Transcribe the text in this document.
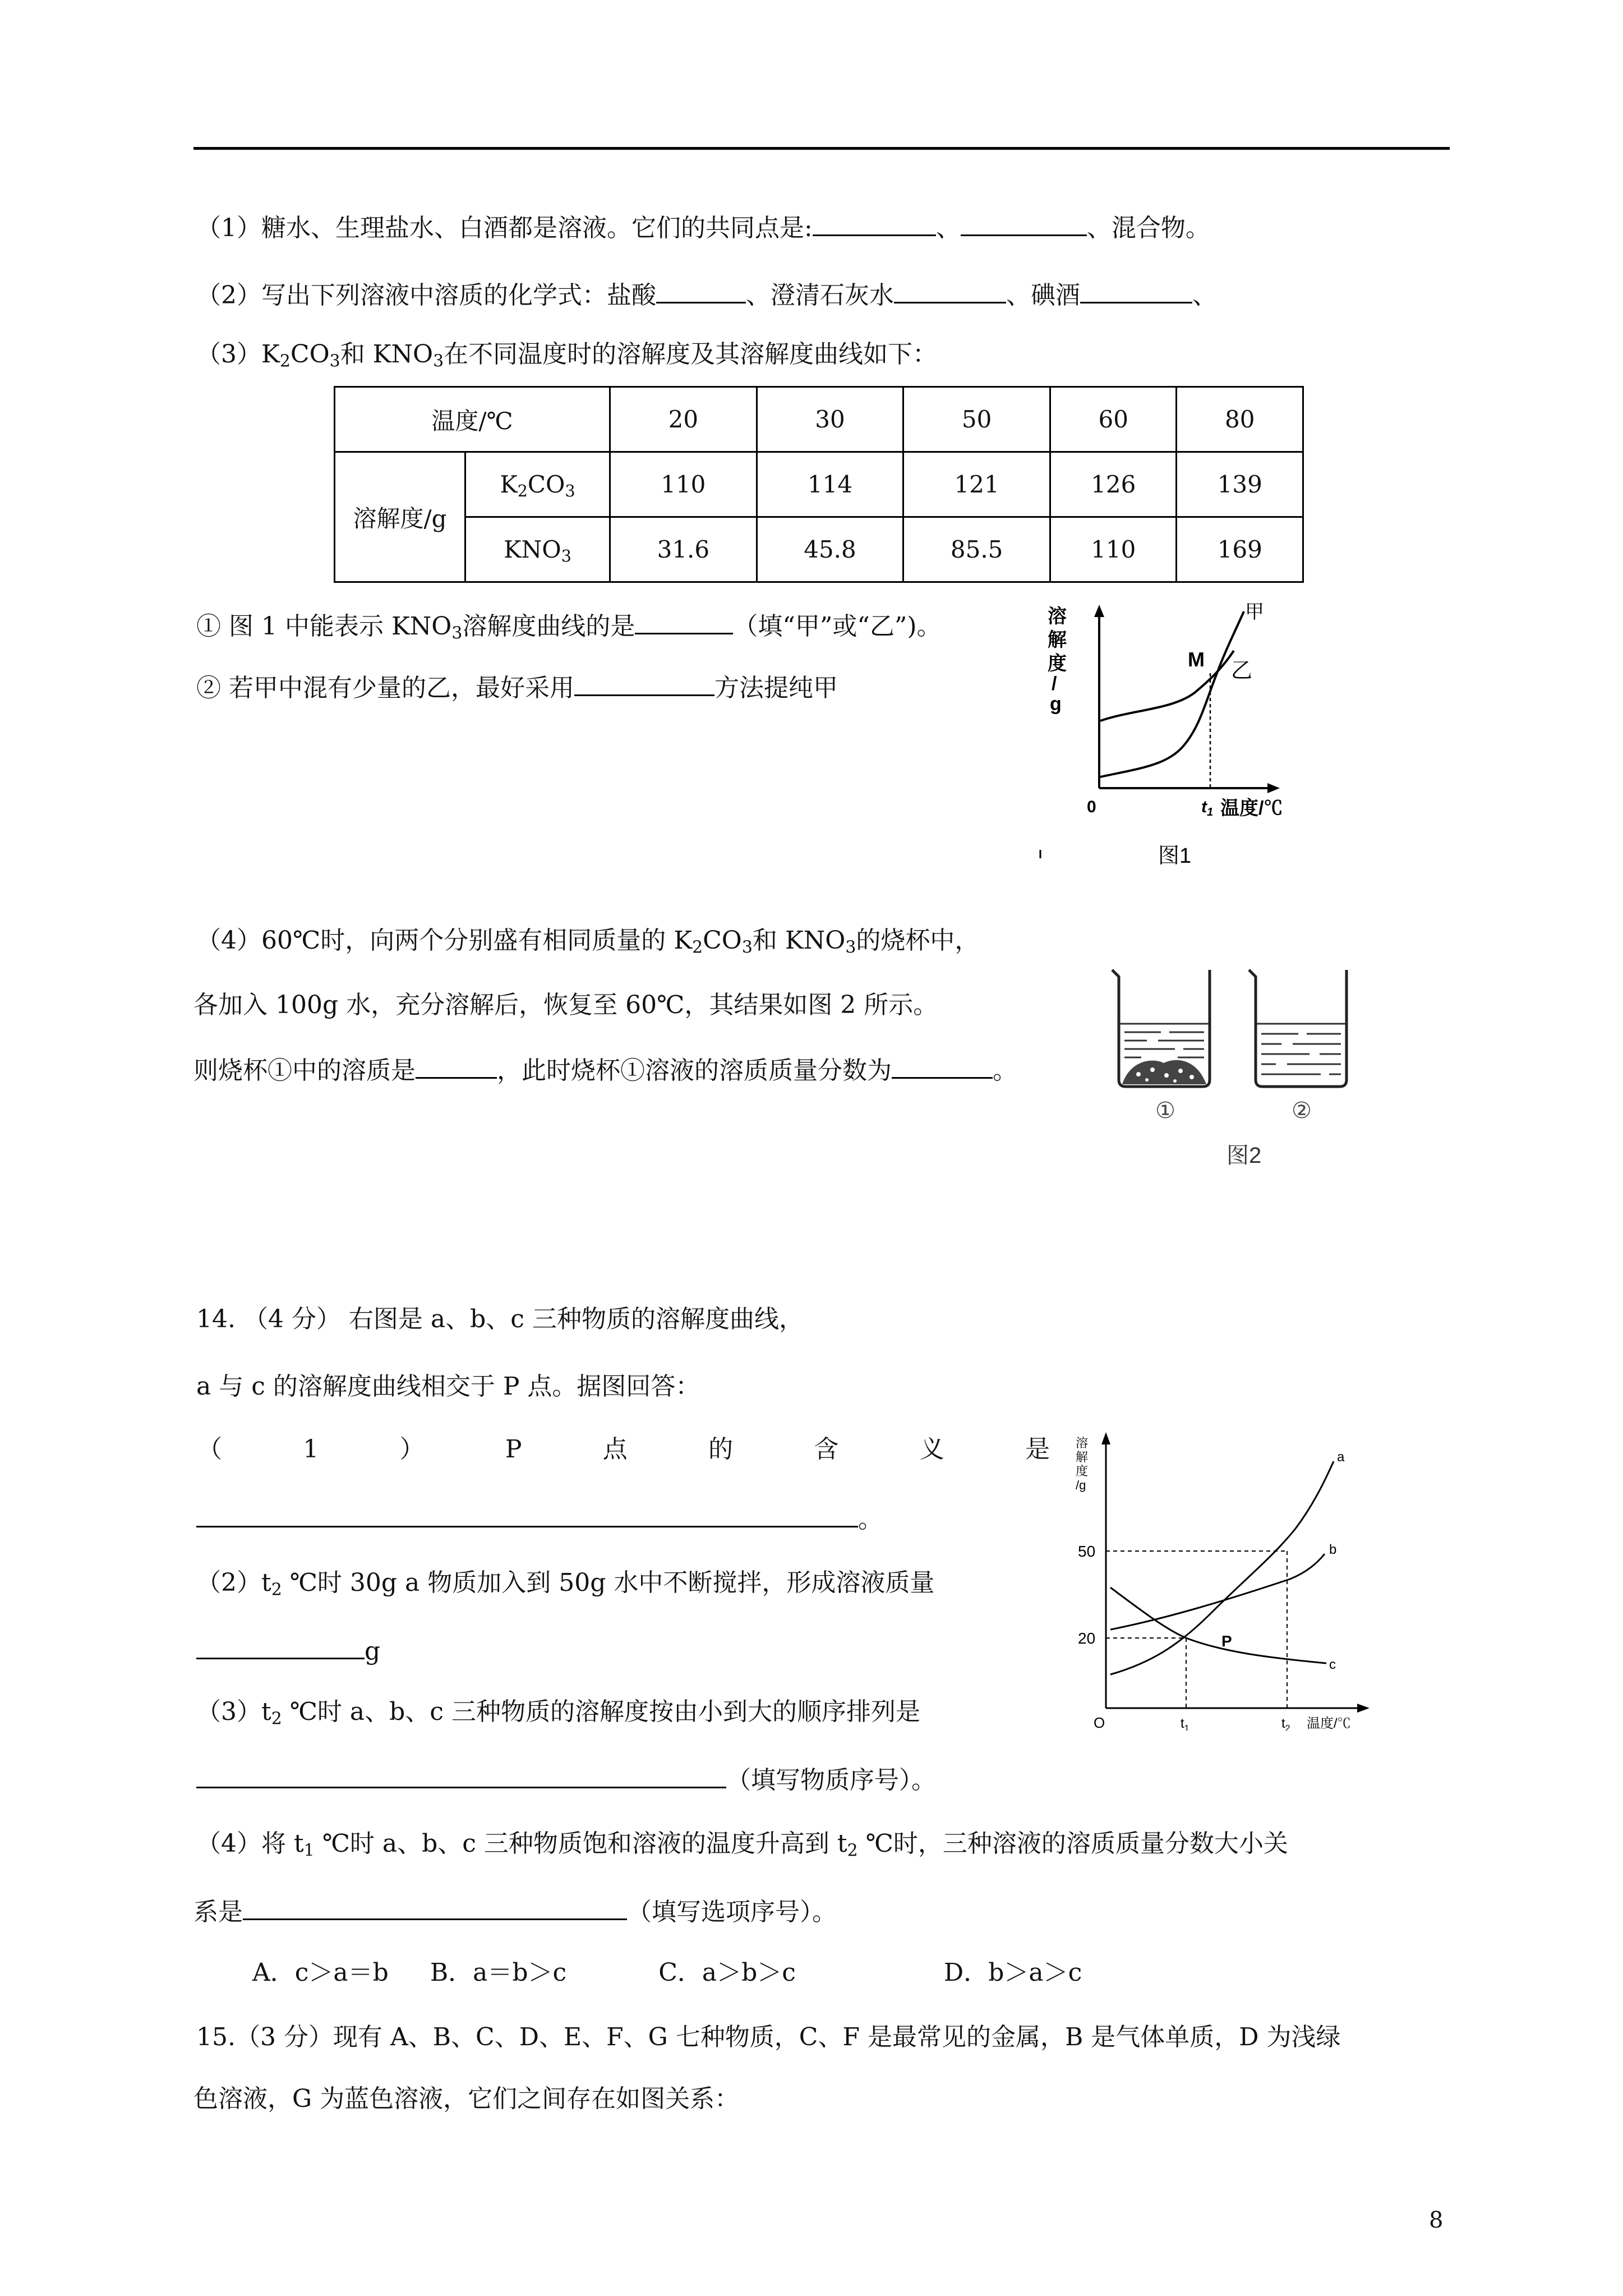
（1）糖水、生理盐水、白酒都是溶液。它们的共同点是:	、	、混合物。
（2）写出下列溶液中溶质的化学式：盐酸	、澄清石灰水	、碘酒	、
$(3)K_2CO_3$和 $KNO_3$在不同温度时的溶解度及其溶解度曲线如下：
温度/℃		20	30	50	60	80
溶解度/g	$K_2CO_3$	110	114	121	126	139
	$KNO_3$	31.6	45.8	85.5	110	169
① 图 1 中能表示 $KNO_3$溶解度曲线的是	（填“甲”或“乙”)。
② 若甲中混有少量的乙，最好采用	方法提纯甲
溶
解
度
/
g
甲
乙
M
0	$t_1$ 温度/℃
图1
（4）60℃时，向两个分别盛有相同质量的 $K_2CO_3$和 $KNO_3$的烧杯中，
各加入 100g 水，充分溶解后，恢复至 60℃，其结果如图 2 所示。
则烧杯①中的溶质是	，此时烧杯①溶液的溶质质量分数为	。
①	②
图2
14. （4 分） 右图是 a、b、c 三种物质的溶解度曲线，
a 与 c 的溶解度曲线相交于 P 点。据图回答：
（	1	）	P	点	的	含	义	是
。
$(2)t_2$ ℃时 30g a 物质加入到 50g 水中不断搅拌，形成溶液质量
g
$(3)t_2$ ℃时 a、b、c 三种物质的溶解度按由小到大的顺序排列是
（填写物质序号）。
（4）将 $t_1$ ℃时 a、b、c 三种物质饱和溶液的温度升高到 $t_2$ ℃时，三种溶液的溶质质量分数大小关
系是	（填写选项序号）。
A．c＞a＝b B．a＝b＞c	C．a＞b＞c	D．b＞a＞c
溶
解
度
/g
50
20
O	$t_1$	$t_2$ 温度/℃
a
b
c
P
15.（3 分）现有 A、B、C、D、E、F、G 七种物质，C、F 是最常见的金属，B 是气体单质，D 为浅绿
色溶液，G 为蓝色溶液，它们之间存在如图关系：
8
